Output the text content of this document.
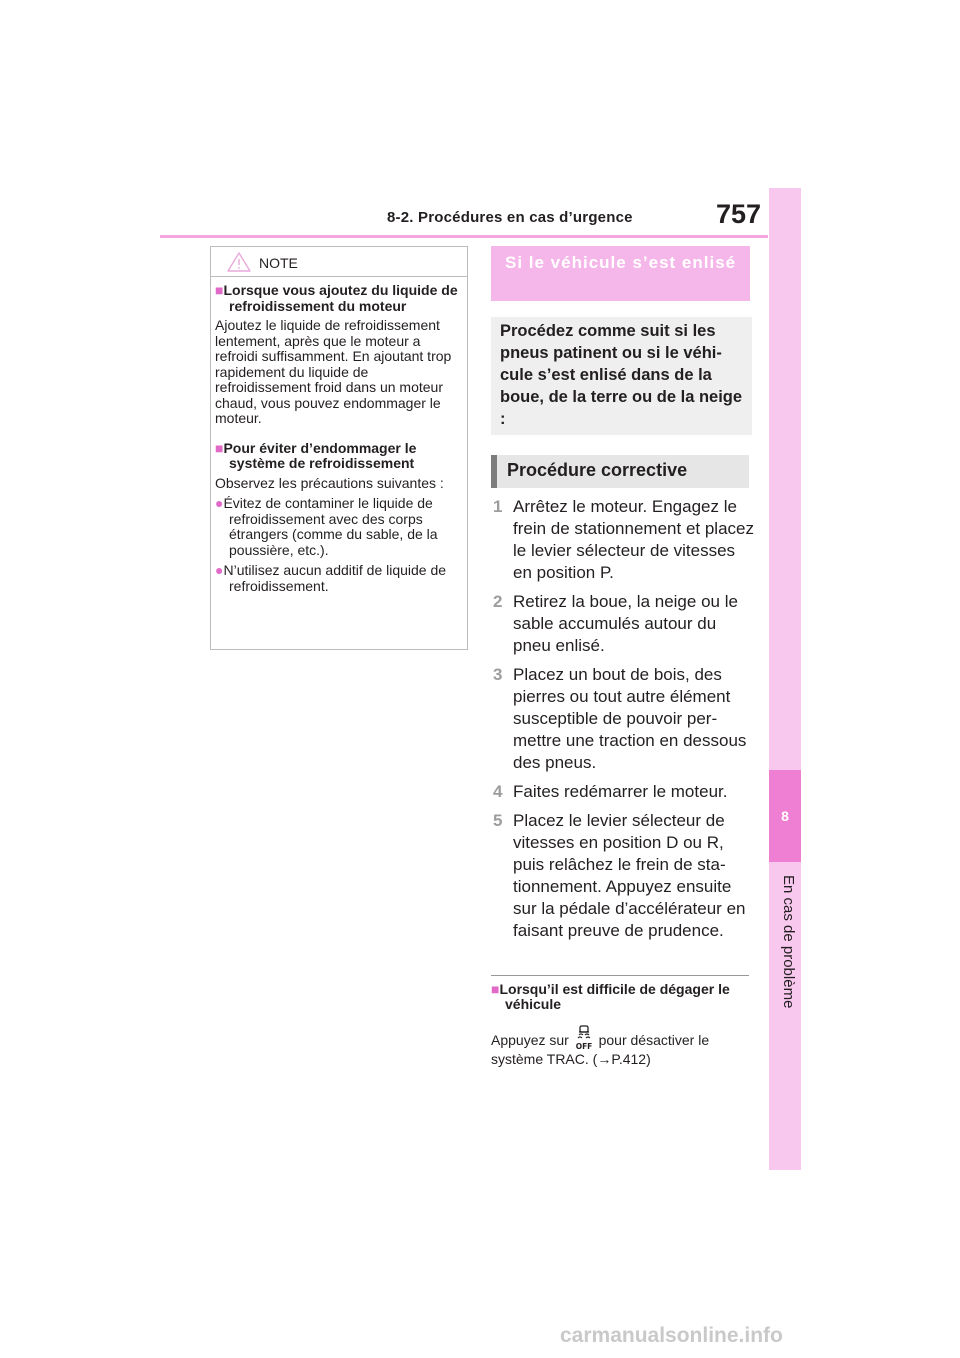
8-2. Procédures en cas d’urgence	757
8
En cas de problème
NOTE

■Lorsque vous ajoutez du liquide de refroidissement du moteur

Ajoutez le liquide de refroidissement lentement, après que le moteur a refroidi suffisamment. En ajoutant trop rapidement du liquide de refroidissement froid dans un moteur chaud, vous pouvez endommager le moteur.

■Pour éviter d’endommager le système de refroidissement

Observez les précautions suivantes :

●Évitez de contaminer le liquide de refroidissement avec des corps étrangers (comme du sable, de la poussière, etc.).

●N’utilisez aucun additif de liquide de refroidissement.

Si le véhicule s’est enlisé
Procédez comme suit si les pneus patinent ou si le véhicule s’est enlisé dans de la boue, de la terre ou de la neige :
Procédure corrective
1 Arrêtez le moteur. Engagez le frein de stationnement et placez le levier sélecteur de vitesses en position P.
2 Retirez la boue, la neige ou le sable accumulés autour du pneu enlisé.
3 Placez un bout de bois, des pierres ou tout autre élément susceptible de pouvoir permettre une traction en dessous des pneus.
4 Faites redémarrer le moteur.
5 Placez le levier sélecteur de vitesses en position D ou R, puis relâchez le frein de stationnement. Appuyez ensuite sur la pédale d’accélérateur en faisant preuve de prudence.
■Lorsqu’il est difficile de dégager le véhicule
Appuyez sur OFF pour désactiver le système TRAC. (→P.412)
carmanualsonline.info
